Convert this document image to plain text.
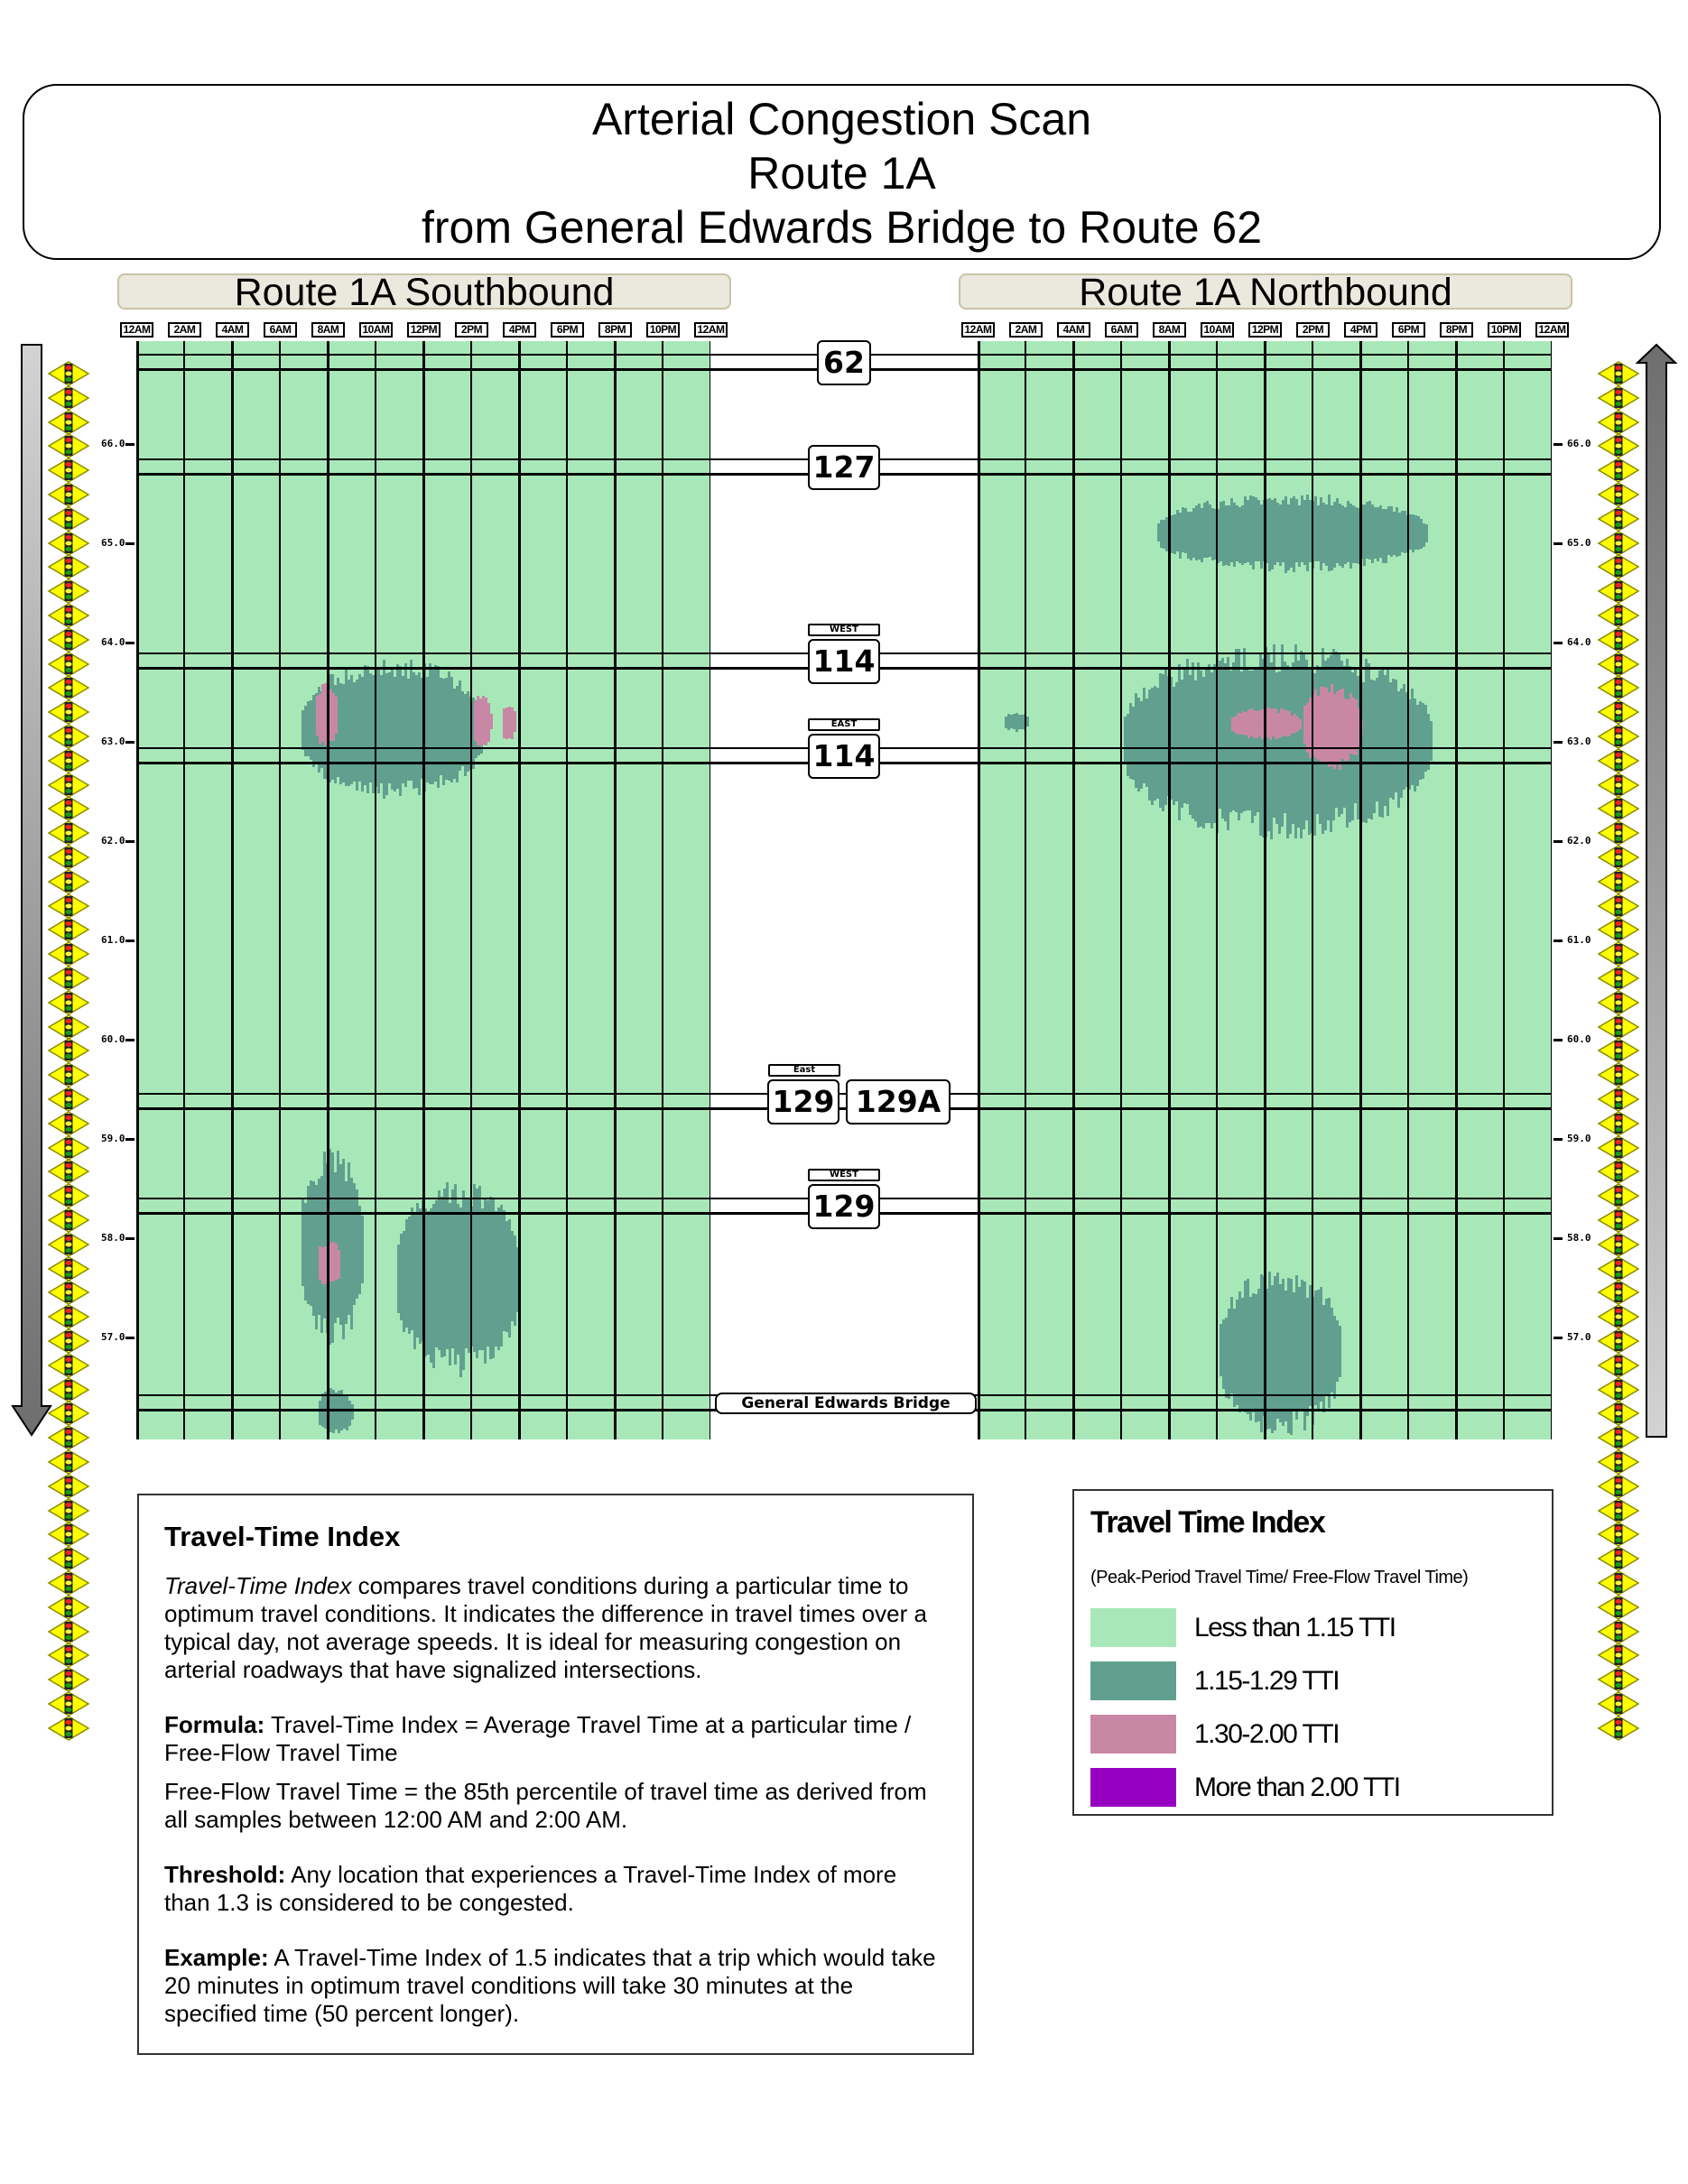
Arterial Congestion Scan
Route 1A
from General Edwards Bridge to Route 62
Route 1A Southbound	Route 1A Northbound
12AM	2AM	4AM	6AM	8AM	10AM	12PM	2PM	4PM	6PM	8PM	10PM	12AM	12AM	2AM	4AM	6AM	8AM	10AM	12PM	2PM	4PM	6PM	8PM	10PM	12AM
62
127
WEST
114
EAST
114
East
129 129A
WEST
129
General Edwards Bridge
66.0	66.0
65.0	65.0
64.0	64.0
63.0	63.0
62.0	62.0
61.0	61.0
60.0	60.0
59.0	59.0
58.0	58.0
57.0	57.0
Travel-Time Index

Travel-Time Index compares travel conditions during a particular time to optimum travel conditions. It indicates the difference in travel times over a typical day, not average speeds. It is ideal for measuring congestion on arterial roadways that have signalized intersections.

Formula: Travel-Time Index = Average Travel Time at a particular time / Free-Flow Travel Time

Free-Flow Travel Time = the 85th percentile of travel time as derived from all samples between 12:00 AM and 2:00 AM.

Threshold: Any location that experiences a Travel-Time Index of more than 1.3 is considered to be congested.

Example: A Travel-Time Index of 1.5 indicates that a trip which would take 20 minutes in optimum travel conditions will take 30 minutes at the specified time (50 percent longer).

Travel Time Index
(Peak-Period Travel Time/ Free-Flow Travel Time)
Less than 1.15 TTI
1.15-1.29 TTI
1.30-2.00 TTI
More than 2.00 TTI
